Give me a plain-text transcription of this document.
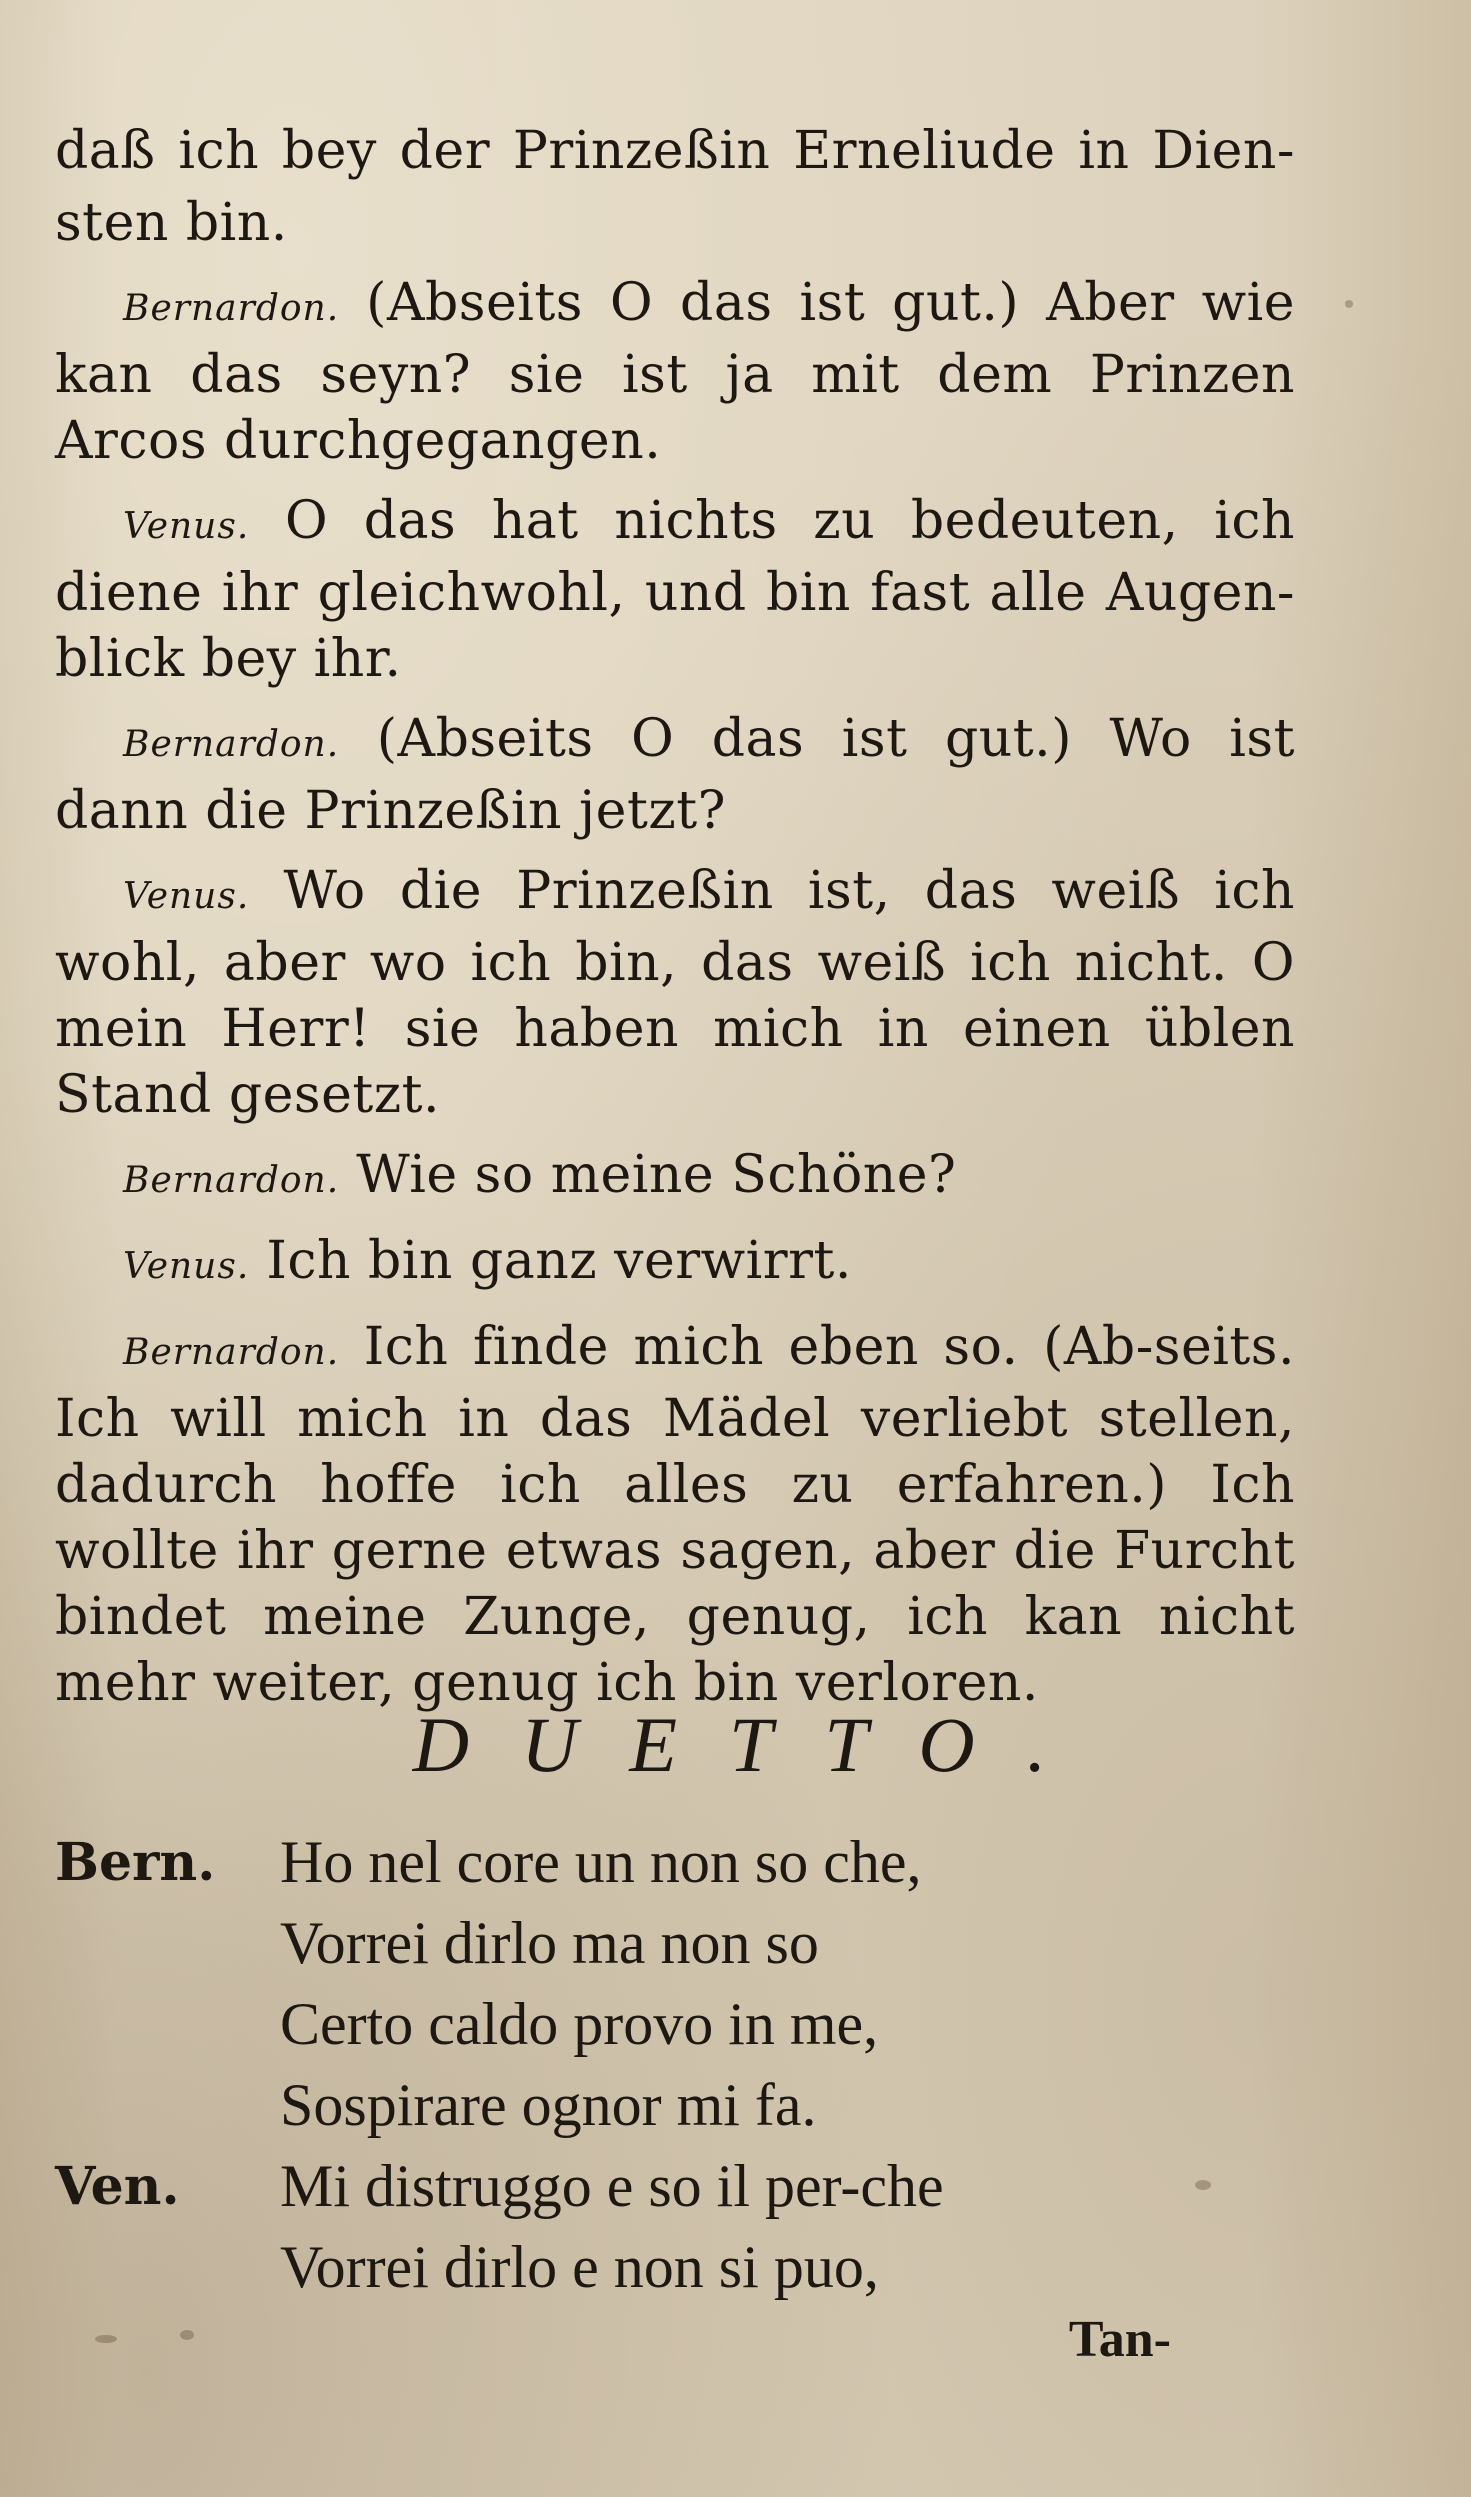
daß ich bey der Prinzeßin Erneliude in Dien-sten bin.

Bernardon. (Abseits O das ist gut.) Aber wie kan das seyn? sie ist ja mit dem Prinzen Arcos durchgegangen.

Venus. O das hat nichts zu bedeuten, ich diene ihr gleichwohl, und bin fast alle Augen-blick bey ihr.

Bernardon. (Abseits O das ist gut.) Wo ist dann die Prinzeßin jetzt?

Venus. Wo die Prinzeßin ist, das weiß ich wohl, aber wo ich bin, das weiß ich nicht. O mein Herr! sie haben mich in einen üblen Stand gesetzt.

Bernardon. Wie so meine Schöne?

Venus. Ich bin ganz verwirrt.

Bernardon. Ich finde mich eben so. (Ab-seits. Ich will mich in das Mädel verliebt stellen, dadurch hoffe ich alles zu erfahren.) Ich wollte ihr gerne etwas sagen, aber die Furcht bindet meine Zunge, genug, ich kan nicht mehr weiter, genug ich bin verloren.

DUETTO.
Bern.	Ho nel core un non so che,
Vorrei dirlo ma non so
Certo caldo provo in me,
Sospirare ognor mi fa.
Ven.	Mi distruggo e so il per-che
Vorrei dirlo e non si puo,
Tan-
